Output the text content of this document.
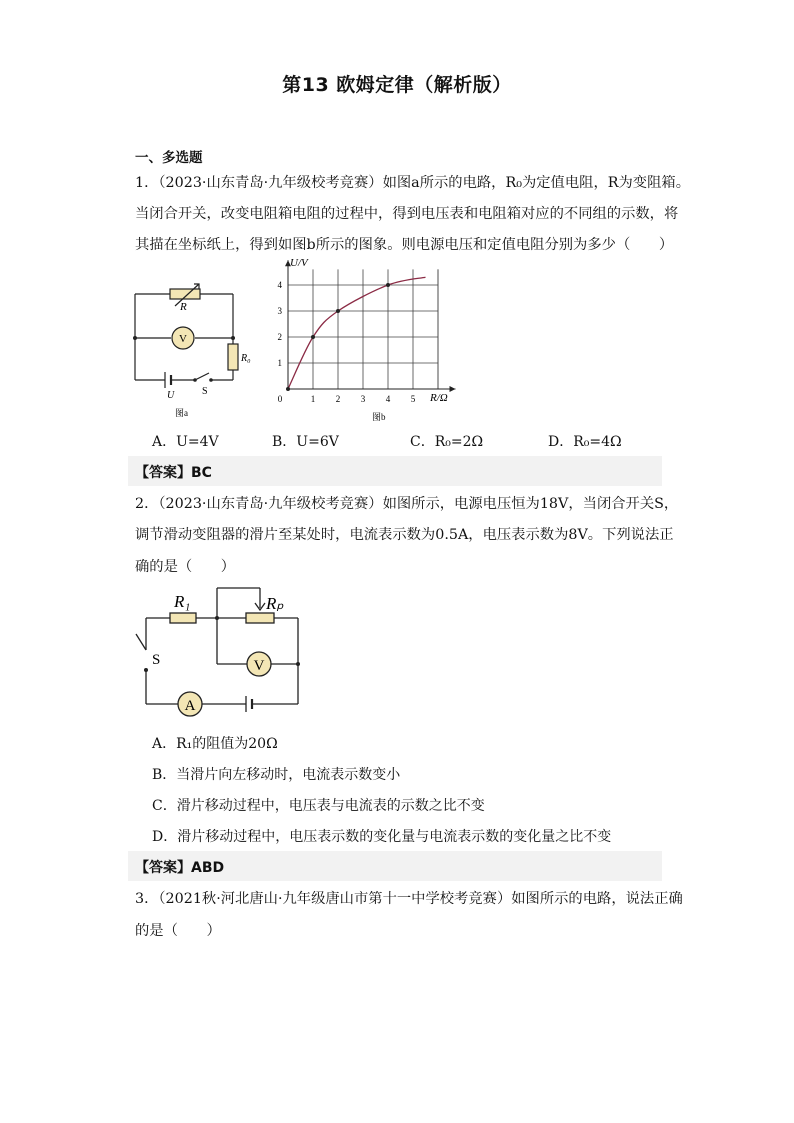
第13 欧姆定律（解析版）
一、多选题
1．（2023·山东青岛·九年级校考竞赛）如图a所示的电路，R₀为定值电阻，R为变阻箱。
当闭合开关，改变电阻箱电阻的过程中，得到电压表和电阻箱对应的不同组的示数，将
其描在坐标纸上，得到如图b所示的图象。则电源电压和定值电阻分别为多少（　　）
R
V
R₀
U	S
图a
0	1 2 3 4 5
1
2
3
4
U/V
R/Ω
图b
A．U=4V	B．U=6V	C．R₀=2Ω	D．R₀=4Ω
【答案】BC
2．（2023·山东青岛·九年级校考竞赛）如图所示，电源电压恒为18V，当闭合开关S，
调节滑动变阻器的滑片至某处时，电流表示数为0.5A，电压表示数为8V。下列说法正
确的是（　　）
R₁	Rₚ
S	V
A
A．R₁的阻值为20Ω
B．当滑片向左移动时，电流表示数变小
C．滑片移动过程中，电压表与电流表的示数之比不变
D．滑片移动过程中，电压表示数的变化量与电流表示数的变化量之比不变
【答案】ABD
3．（2021秋·河北唐山·九年级唐山市第十一中学校考竞赛）如图所示的电路，说法正确
的是（　　）
